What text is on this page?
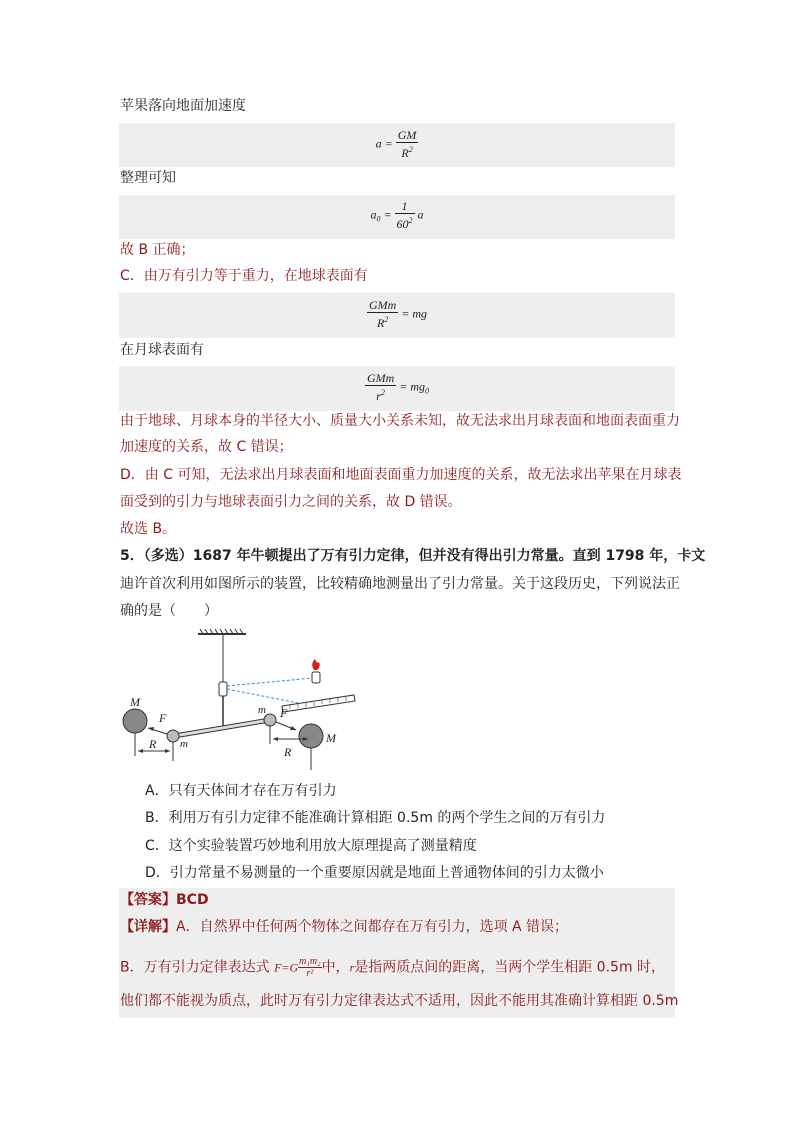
苹果落向地面加速度
$a = \frac{GM}{R^2}$
整理可知
$a_0 = \frac{1}{60^2}$ a
故 B 正确；
C．由万有引力等于重力，在地球表面有
$\frac{\text{GMm}}{R^2}$ = mg
在月球表面有
$\frac{\text{GMm}}{r^2} = mg_0$
由于地球、月球本身的半径大小、质量大小关系未知，故无法求出月球表面和地面表面重力
加速度的关系，故 C 错误；
D．由 C 可知，无法求出月球表面和地面表面重力加速度的关系，故无法求出苹果在月球表
面受到的引力与地球表面引力之间的关系，故 D 错误。
故选 B。
5．（多选）1687 年牛顿提出了万有引力定律，但并没有得出引力常量。直到 1798 年，卡文
迪许首次利用如图所示的装置，比较精确地测量出了引力常量。关于这段历史，下列说法正
确的是（　　）
M
F
m
R
m F
M
R
A．只有天体间才存在万有引力
B．利用万有引力定律不能准确计算相距 0.5m 的两个学生之间的万有引力
C．这个实验装置巧妙地利用放大原理提高了测量精度
D．引力常量不易测量的一个重要原因就是地面上普通物体间的引力太微小
【答案】BCD
【详解】A．自然界中任何两个物体之间都存在万有引力，选项 A 错误；
B．万有引力定律表达式 $F=G \frac{\text{m₁m₂}}{\text{r²}}$ 中，r是指两质点间的距离，当两个学生相距 0.5m 时，
他们都不能视为质点，此时万有引力定律表达式不适用，因此不能用其准确计算相距 0.5m
